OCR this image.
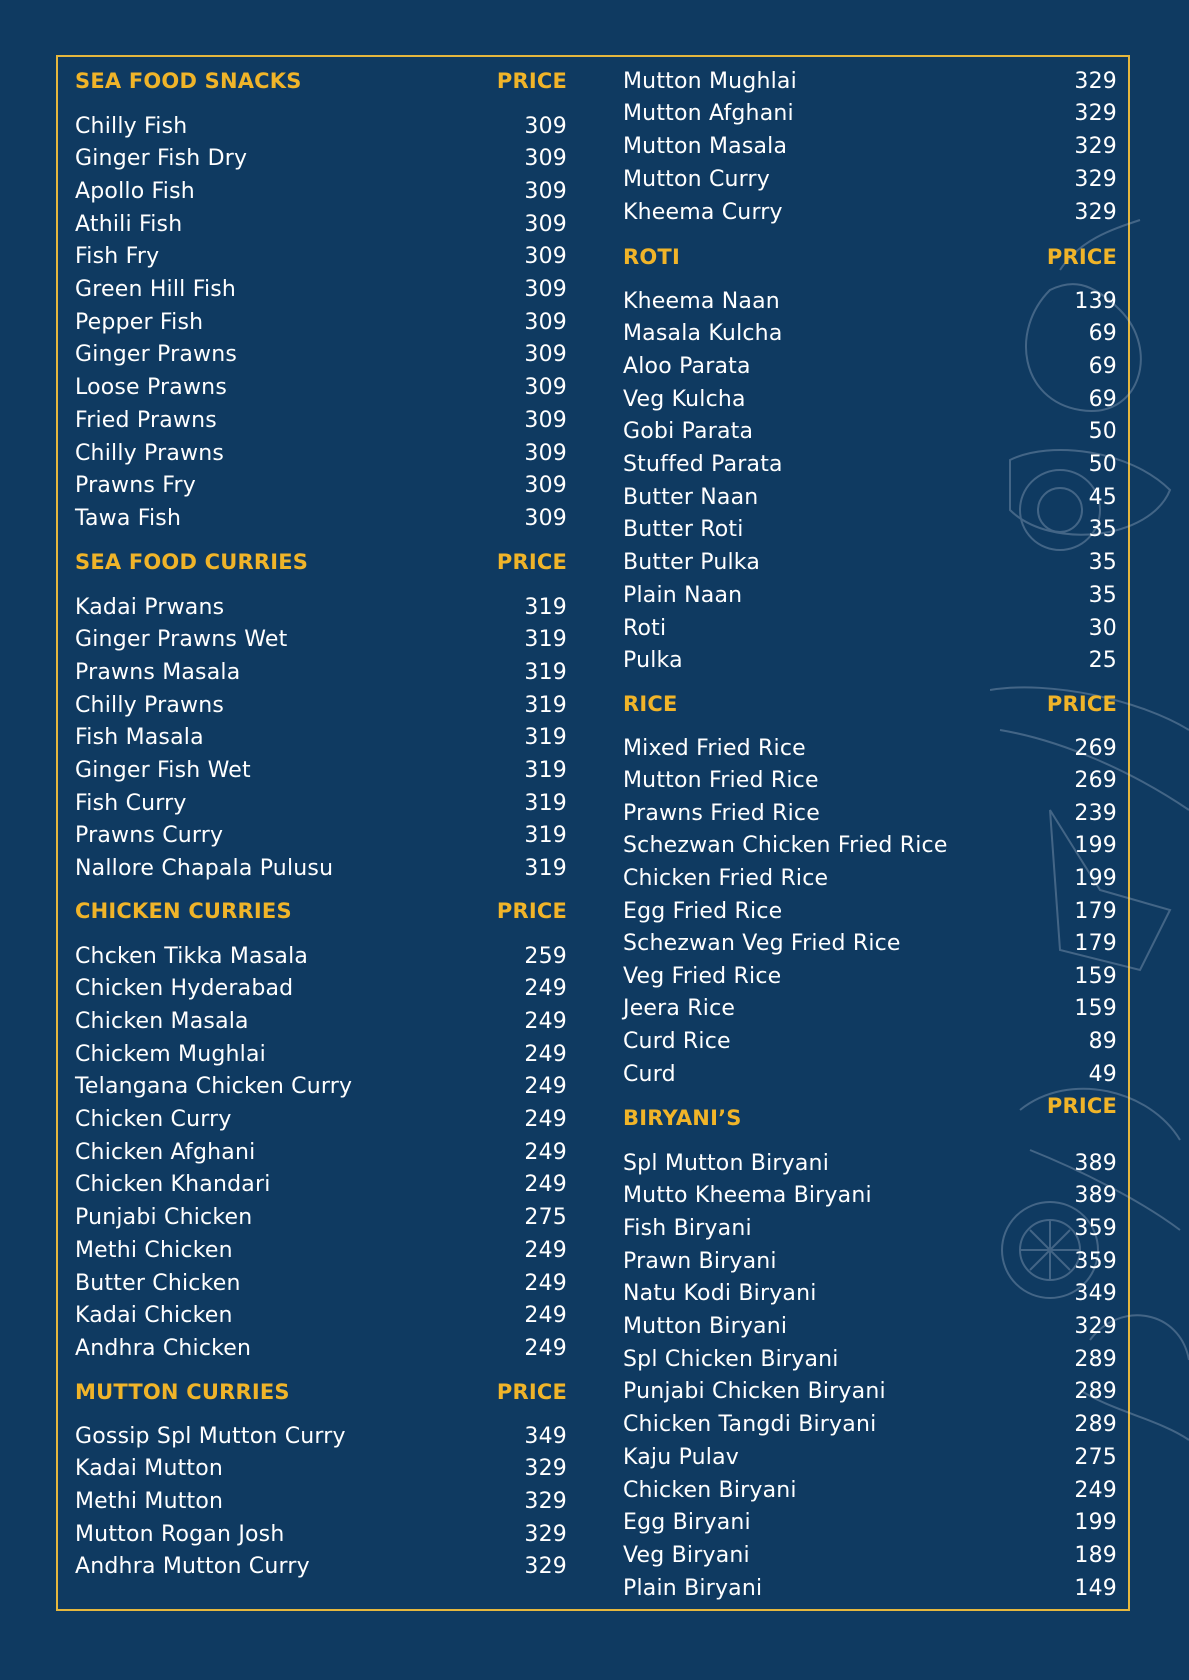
SEA FOOD SNACKS	PRICE
Chilly Fish	309
Ginger Fish Dry	309
Apollo Fish	309
Athili Fish	309
Fish Fry	309
Green Hill Fish	309
Pepper Fish	309
Ginger Prawns	309
Loose Prawns	309
Fried Prawns	309
Chilly Prawns	309
Prawns Fry	309
Tawa Fish	309
SEA FOOD CURRIES	PRICE
Kadai Prwans	319
Ginger Prawns Wet	319
Prawns Masala	319
Chilly Prawns	319
Fish Masala	319
Ginger Fish Wet	319
Fish Curry	319
Prawns Curry	319
Nallore Chapala Pulusu	319
CHICKEN CURRIES	PRICE
Chcken Tikka Masala	259
Chicken Hyderabad	249
Chicken Masala	249
Chickem Mughlai	249
Telangana Chicken Curry	249
Chicken Curry	249
Chicken Afghani	249
Chicken Khandari	249
Punjabi Chicken	275
Methi Chicken	249
Butter Chicken	249
Kadai Chicken	249
Andhra Chicken	249
MUTTON CURRIES	PRICE
Gossip Spl Mutton Curry	349
Kadai Mutton	329
Methi Mutton	329
Mutton Rogan Josh	329
Andhra Mutton Curry	329
Mutton Mughlai	329
Mutton Afghani	329
Mutton Masala	329
Mutton Curry	329
Kheema Curry	329
ROTI	PRICE
Kheema Naan	139
Masala Kulcha	69
Aloo Parata	69
Veg Kulcha	69
Gobi Parata	50
Stuffed Parata	50
Butter Naan	45
Butter Roti	35
Butter Pulka	35
Plain Naan	35
Roti	30
Pulka	25
RICE	PRICE
Mixed Fried Rice	269
Mutton Fried Rice	269
Prawns Fried Rice	239
Schezwan Chicken Fried Rice	199
Chicken Fried Rice	199
Egg Fried Rice	179
Schezwan Veg Fried Rice	179
Veg Fried Rice	159
Jeera Rice	159
Curd Rice	89
Curd	49
BIRYANI’S	PRICE
Spl Mutton Biryani	389
Mutto Kheema Biryani	389
Fish Biryani	359
Prawn Biryani	359
Natu Kodi Biryani	349
Mutton Biryani	329
Spl Chicken Biryani	289
Punjabi Chicken Biryani	289
Chicken Tangdi Biryani	289
Kaju Pulav	275
Chicken Biryani	249
Egg Biryani	199
Veg Biryani	189
Plain Biryani	149
